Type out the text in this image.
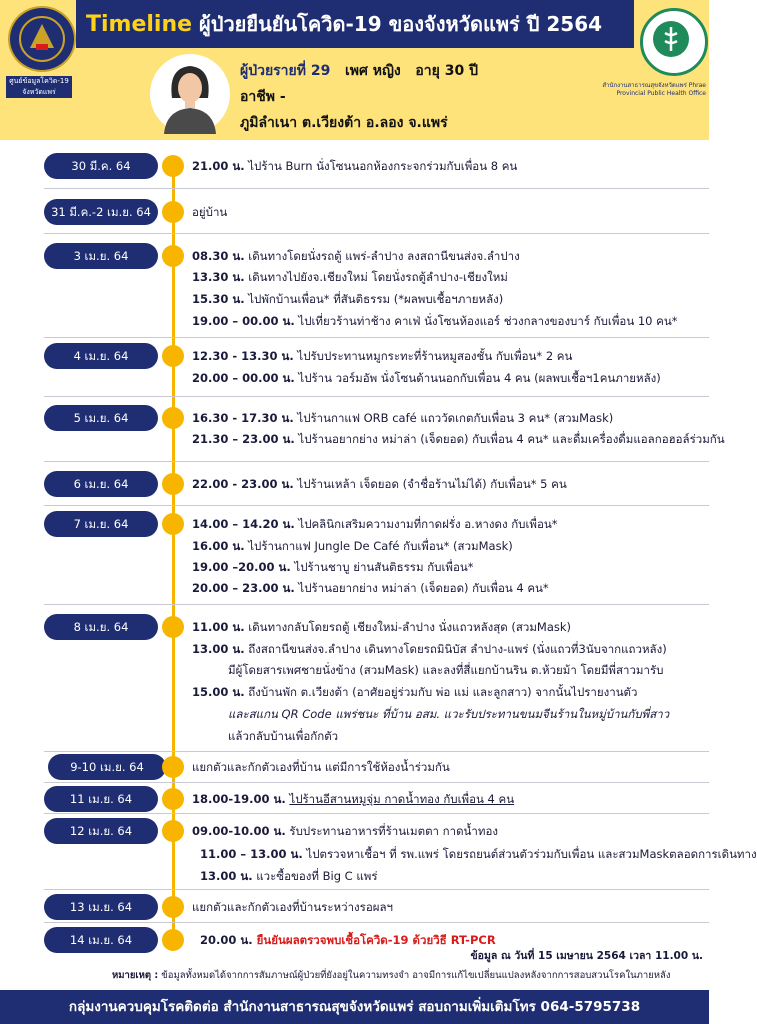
Timeline ผู้ป่วยยืนยันโควิด-19 ของจังหวัดแพร่ ปี 2564
ศูนย์ข้อมูลโควิด-19
จังหวัดแพร่
สำนักงานสาธารณสุขจังหวัดแพร่ Phrae Provincial Public Health Office
ผู้ป่วยรายที่ 29 เพศ หญิง อายุ 30 ปี
อาชีพ -
ภูมิลำเนา ต.เวียงต้า อ.ลอง จ.แพร่
30 มี.ค. 64	21.00 น. ไปร้าน Burn นั่งโซนนอกห้องกระจกร่วมกับเพื่อน 8 คน
31 มี.ค.-2 เม.ย. 64	อยู่บ้าน
3 เม.ย. 64	08.30 น. เดินทางโดยนั่งรถตู้ แพร่-ลำปาง ลงสถานีขนส่งจ.ลำปาง
13.30 น. เดินทางไปยังจ.เชียงใหม่ โดยนั่งรถตู้ลำปาง-เชียงใหม่
15.30 น. ไปพักบ้านเพื่อน* ที่สันติธรรม (*ผลพบเชื้อฯภายหลัง)
19.00 – 00.00 น. ไปเที่ยวร้านท่าช้าง คาเฟ่ นั่งโซนห้องแอร์ ช่วงกลางของบาร์ กับเพื่อน 10 คน*
4 เม.ย. 64	12.30 - 13.30 น. ไปรับประทานหมูกระทะที่ร้านหมูสองชั้น กับเพื่อน* 2 คน
20.00 – 00.00 น. ไปร้าน วอร์มอัพ นั่งโซนด้านนอกกับเพื่อน 4 คน (ผลพบเชื้อฯ1คนภายหลัง)
5 เม.ย. 64	16.30 - 17.30 น. ไปร้านกาแฟ ORB café แถววัดเกตกับเพื่อน 3 คน* (สวมMask)
21.30 – 23.00 น. ไปร้านอยากย่าง หม่าล่า (เจ็ดยอด) กับเพื่อน 4 คน* และดื่มเครื่องดื่มแอลกอฮอล์ร่วมกัน
6 เม.ย. 64	22.00 - 23.00 น. ไปร้านเหล้า เจ็ดยอด (จำชื่อร้านไม่ได้) กับเพื่อน* 5 คน
7 เม.ย. 64	14.00 – 14.20 น. ไปคลินิกเสริมความงามที่กาดฝรั่ง อ.หางดง กับเพื่อน*
16.00 น. ไปร้านกาแฟ Jungle De Café กับเพื่อน* (สวมMask)
19.00 –20.00 น. ไปร้านชาบู ย่านสันติธรรม กับเพื่อน*
20.00 – 23.00 น. ไปร้านอยากย่าง หม่าล่า (เจ็ดยอด) กับเพื่อน 4 คน*
8 เม.ย. 64	11.00 น. เดินทางกลับโดยรถตู้ เชียงใหม่-ลำปาง นั่งแถวหลังสุด (สวมMask)
13.00 น. ถึงสถานีขนส่งจ.ลำปาง เดินทางโดยรถมินิบัส ลำปาง-แพร่ (นั่งแถวที่3นับจากแถวหลัง)
มีผู้โดยสารเพศชายนั่งข้าง (สวมMask) และลงที่สี่แยกบ้านริน ต.ห้วยม้า โดยมีพี่สาวมารับ
15.00 น. ถึงบ้านพัก ต.เวียงต้า (อาศัยอยู่ร่วมกับ พ่อ แม่ และลูกสาว) จากนั้นไปรายงานตัว
และสแกน QR Code แพร่ชนะ ที่บ้าน อสม. แวะรับประทานขนมจีนร้านในหมู่บ้านกับพี่สาว
แล้วกลับบ้านเพื่อกักตัว
9-10 เม.ย. 64	แยกตัวและกักตัวเองที่บ้าน แต่มีการใช้ห้องน้ำร่วมกัน
11 เม.ย. 64	18.00-19.00 น. ไปร้านอีสานหมูจุ่ม กาดน้ำทอง กับเพื่อน 4 คน
12 เม.ย. 64	09.00-10.00 น. รับประทานอาหารที่ร้านเมตตา กาดน้ำทอง
11.00 – 13.00 น. ไปตรวจหาเชื้อฯ ที่ รพ.แพร่ โดยรถยนต์ส่วนตัวร่วมกับเพื่อน และสวมMaskตลอดการเดินทาง
13.00 น. แวะซื้อของที่ Big C แพร่
13 เม.ย. 64	แยกตัวและกักตัวเองที่บ้านระหว่างรอผลฯ
14 เม.ย. 64	20.00 น. ยืนยันผลตรวจพบเชื้อโควิด-19 ด้วยวิธี RT-PCR
ข้อมูล ณ วันที่ 15 เมษายน 2564 เวลา 11.00 น.
หมายเหตุ : ข้อมูลทั้งหมดได้จากการสัมภาษณ์ผู้ป่วยที่ยังอยู่ในความทรงจำ อาจมีการแก้ไขเปลี่ยนแปลงหลังจากการสอบสวนโรคในภายหลัง
กลุ่มงานควบคุมโรคติดต่อ สำนักงานสาธารณสุขจังหวัดแพร่ สอบถามเพิ่มเติมโทร 064-5795738
